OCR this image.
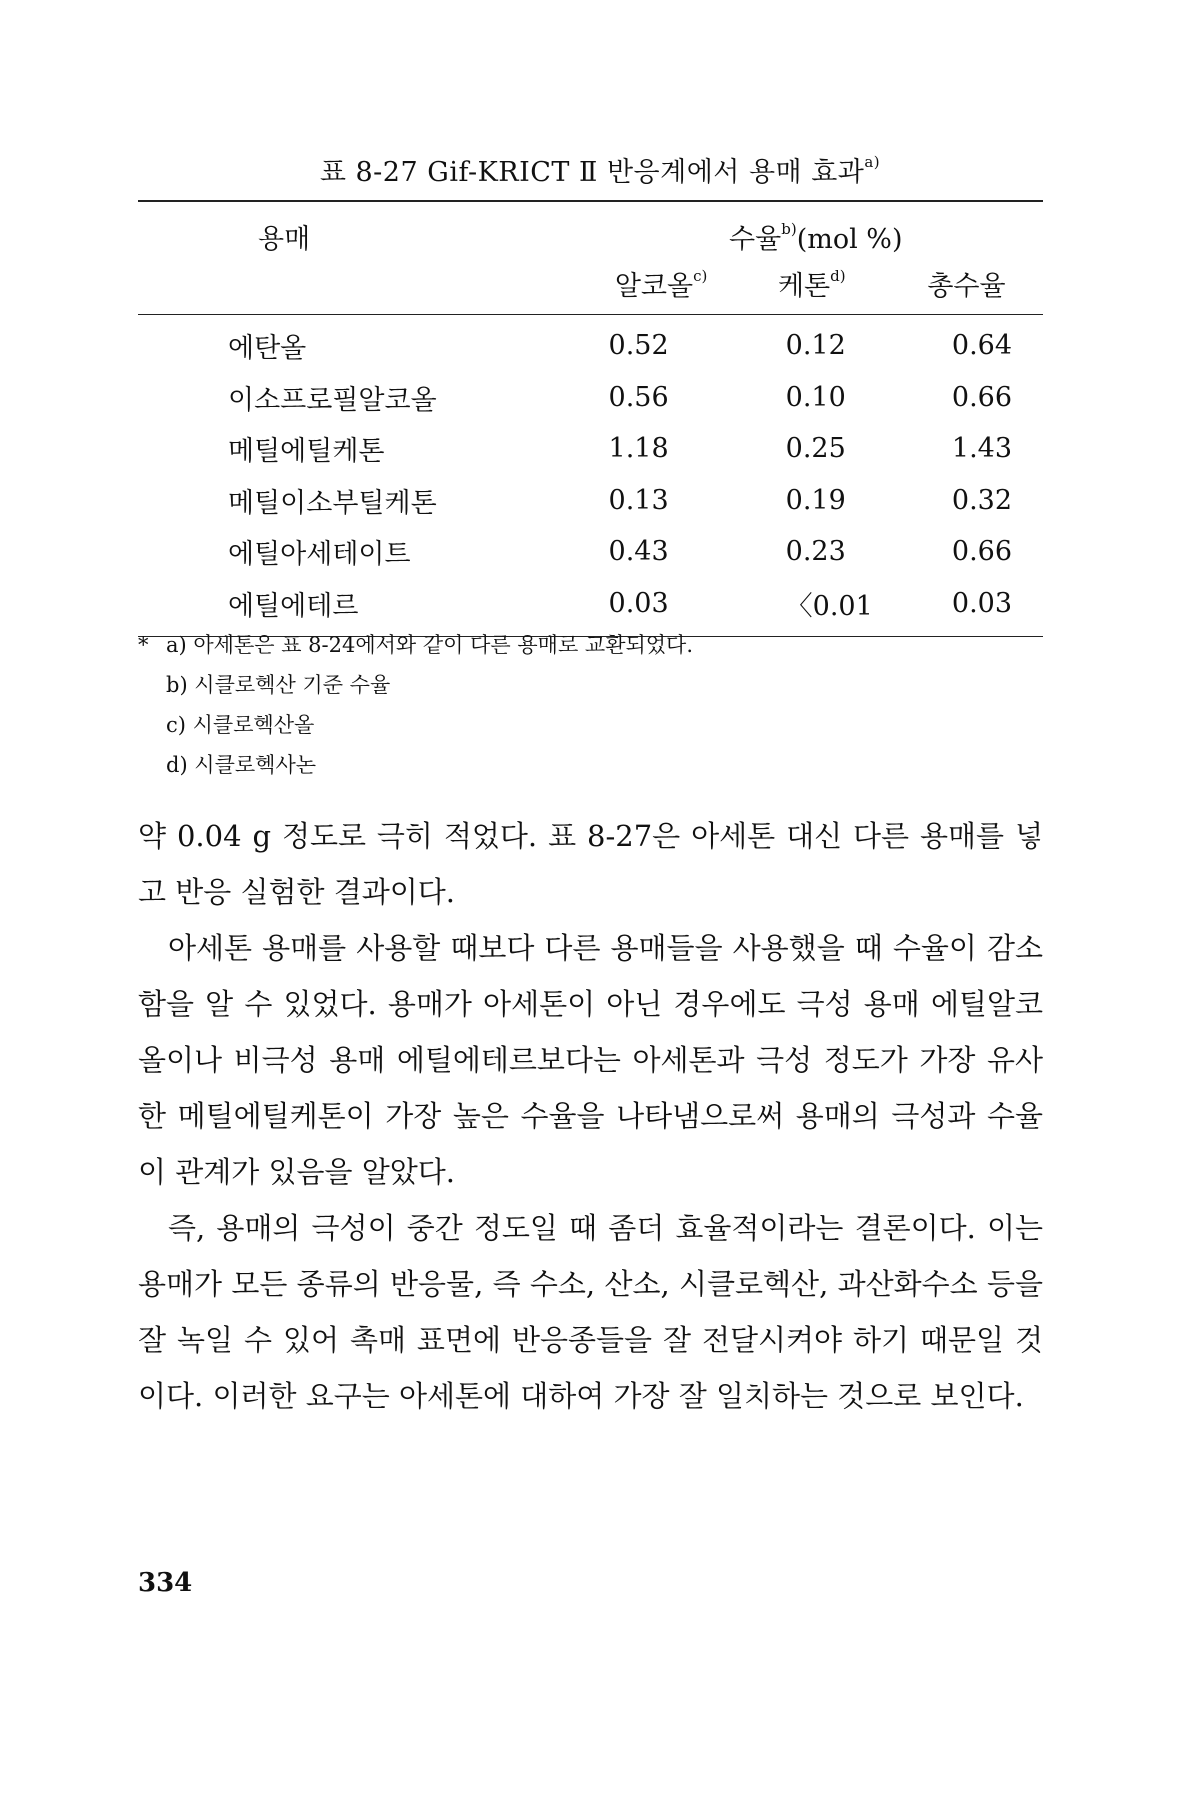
표 8-27 Gif-KRICT Ⅱ 반응계에서 용매 효과$^{a)}$
용매	수율$^{b)}$(mol %)		
	알코올$^{c)}$	케톤$^{d)}$	총수율
에탄올	0.52	0.12	0.64
이소프로필알코올	0.56	0.10	0.66
메틸에틸케톤	1.18	0.25	1.43
메틸이소부틸케톤	0.13	0.19	0.32
에틸아세테이트	0.43	0.23	0.66
에틸에테르	0.03	〈0.01	0.03
* a) 아세톤은 표 8-24에서와 같이 다른 용매로 교환되었다.
b) 시클로헥산 기준 수율
c) 시클로헥산올
d) 시클로헥사논

약 0.04 g 정도로 극히 적었다. 표 8-27은 아세톤 대신 다른 용매를 넣고 반응 실험한 결과이다.

아세톤 용매를 사용할 때보다 다른 용매들을 사용했을 때 수율이 감소함을 알 수 있었다. 용매가 아세톤이 아닌 경우에도 극성 용매 에틸알코올이나 비극성 용매 에틸에테르보다는 아세톤과 극성 정도가 가장 유사한 메틸에틸케톤이 가장 높은 수율을 나타냄으로써 용매의 극성과 수율이 관계가 있음을 알았다.

즉, 용매의 극성이 중간 정도일 때 좀더 효율적이라는 결론이다. 이는 용매가 모든 종류의 반응물, 즉 수소, 산소, 시클로헥산, 과산화수소 등을 잘 녹일 수 있어 촉매 표면에 반응종들을 잘 전달시켜야 하기 때문일 것이다. 이러한 요구는 아세톤에 대하여 가장 잘 일치하는 것으로 보인다.

334
